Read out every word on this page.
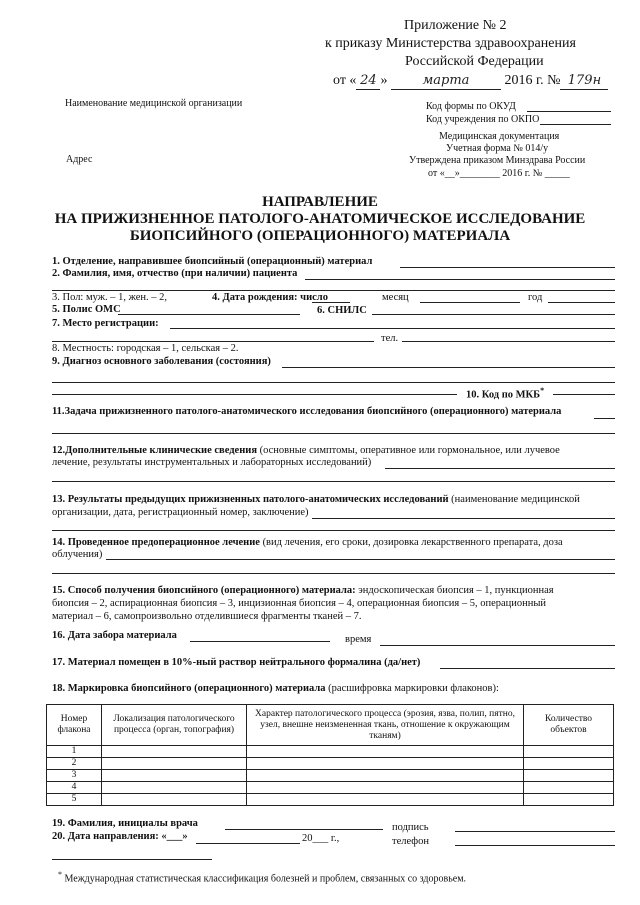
Приложение № 2
к приказу Министерства здравоохранения
Российской Федерации
от « 24 »	марта	2016 г. № 179н
Наименование медицинской организации	Код формы по ОКУД
Код учреждения по ОКПО
Медицинская документация
Учетная форма № 014/у
Утверждена приказом Минздрава России
Адрес
от «__»________ 2016 г. № _____
НАПРАВЛЕНИЕ
НА ПРИЖИЗНЕННОЕ ПАТОЛОГО-АНАТОМИЧЕСКОЕ ИССЛЕДОВАНИЕ
БИОПСИЙНОГО (ОПЕРАЦИОННОГО) МАТЕРИАЛА
1. Отделение, направившее биопсийный (операционный) материал
2. Фамилия, имя, отчество (при наличии) пациента
3. Пол: муж. – 1, жен. – 2,	4. Дата рождения: число	месяц	год
5. Полис ОМС	6. СНИЛС
7. Место регистрации:
тел.
8. Местность: городская – 1, сельская – 2.
9. Диагноз основного заболевания (состояния)
10. Код по МКБ*
11.Задача прижизненного патолого-анатомического исследования биопсийного (операционного) материала
12.Дополнительные клинические сведения (основные симптомы, оперативное или гормональное, или лучевое
лечение, результаты инструментальных и лабораторных исследований)
13. Результаты предыдущих прижизненных патолого-анатомических исследований (наименование медицинской
организации, дата, регистрационный номер, заключение)
14. Проведенное предоперационное лечение (вид лечения, его сроки, дозировка лекарственного препарата, доза
облучения)
15. Способ получения биопсийного (операционного) материала: эндоскопическая биопсия – 1, пункционная
биопсия – 2, аспирационная биопсия – 3, инцизионная биопсия – 4, операционная биопсия – 5, операционный
материал – 6, самопроизвольно отделившиеся фрагменты тканей – 7.
16. Дата забора материала	время
17. Материал помещен в 10%-ный раствор нейтрального формалина (да/нет)
18. Маркировка биопсийного (операционного) материала (расшифровка маркировки флаконов):
Номер флакона	Локализация патологического процесса (орган, топография)	Характер патологического процесса (эрозия, язва, полип, пятно, узел, внешне неизмененная ткань, отношение к окружающим тканям)	Количество объектов
1			
2			
3			
4			
5			
19. Фамилия, инициалы врача	подпись
20. Дата направления: «___»	20___ г.,	телефон
* Международная статистическая классификация болезней и проблем, связанных со здоровьем.
